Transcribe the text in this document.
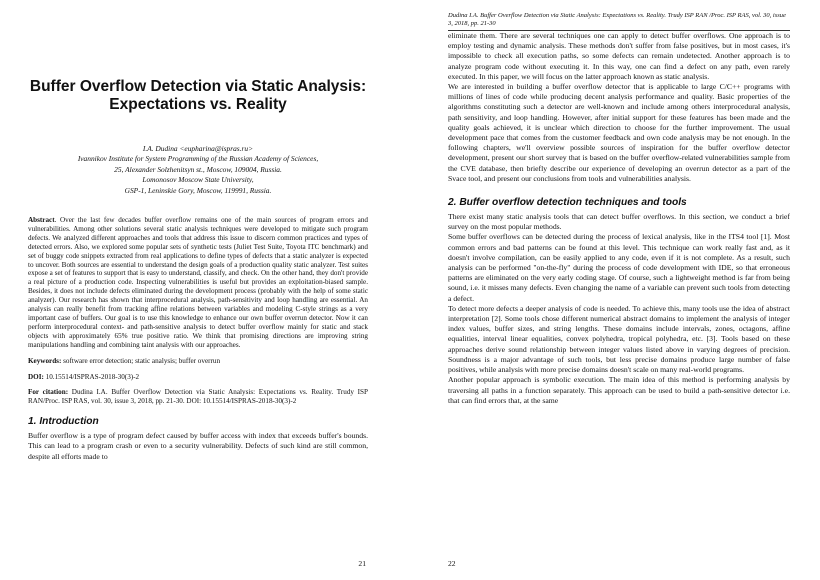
Buffer Overflow Detection via Static Analysis: Expectations vs. Reality
I.A. Dudina <eupharina@ispras.ru>
Ivannikov Institute for System Programming of the Russian Academy of Sciences,
25, Alexander Solzhenitsyn st., Moscow, 109004, Russia.
Lomonosov Moscow State University,
GSP-1, Leninskie Gory, Moscow, 119991, Russia.

Abstract. Over the last few decades buffer overflow remains one of the main sources of program errors and vulnerabilities. Among other solutions several static analysis techniques were developed to mitigate such program defects. We analyzed different approaches and tools that address this issue to discern common practices and types of detected errors. Also, we explored some popular sets of synthetic tests (Juliet Test Suite, Toyota ITC benchmark) and set of buggy code snippets extracted from real applications to define types of defects that a static analyzer is expected to uncover. Both sources are essential to understand the design goals of a production quality static analyzer. Test suites expose a set of features to support that is easy to understand, classify, and check. On the other hand, they don't provide a real picture of a production code. Inspecting vulnerabilities is useful but provides an exploitation-biased sample. Besides, it does not include defects eliminated during the development process (probably with the help of some static analyzer). Our research has shown that interprocedural analysis, path-sensitivity and loop handling are essential. An analysis can really benefit from tracking affine relations between variables and modeling C-style strings as a very important case of buffers. Our goal is to use this knowledge to enhance our own buffer overrun detector. Now it can perform interprocedural context- and path-sensitive analysis to detect buffer overflow mainly for static and stack objects with approximately 65% true positive ratio. We think that promising directions are improving string manipulations handling and combining taint analysis with our approaches.

Keywords: software error detection; static analysis; buffer overrun

DOI: 10.15514/ISPRAS-2018-30(3)-2

For citation: Dudina I.A. Buffer Overflow Detection via Static Analysis: Expectations vs. Reality. Trudy ISP RAN/Proc. ISP RAS, vol. 30, issue 3, 2018, pp. 21-30. DOI: 10.15514/ISPRAS-2018-30(3)-2

1. Introduction

Buffer overflow is a type of program defect caused by buffer access with index that exceeds buffer's bounds. This can lead to a program crash or even to a security vulnerability. Defects of such kind are still common, despite all efforts made to

21
Dudina I.A. Buffer Overflow Detection via Static Analysis: Expectations vs. Reality. Trudy ISP RAN /Proc. ISP RAS, vol. 30, issue 3, 2018, pp. 21-30

eliminate them. There are several techniques one can apply to detect buffer overflows. One approach is to employ testing and dynamic analysis. These methods don't suffer from false positives, but in most cases, it's impossible to check all execution paths, so some defects can remain undetected. Another approach is to analyze program code without executing it. In this way, one can find a defect on any path, even rarely executed. In this paper, we will focus on the latter approach known as static analysis.

We are interested in building a buffer overflow detector that is applicable to large C/C++ programs with millions of lines of code while producing decent analysis performance and quality. Basic properties of the algorithms constituting such a detector are well-known and include among others interprocedural analysis, path sensitivity, and loop handling. However, after initial support for these features has been made and the quality goals achieved, it is unclear which direction to choose for the further improvement. The usual development pace that comes from the customer feedback and own code analysis may be not enough. In the following chapters, we'll overview possible sources of inspiration for the buffer overflow detector development, present our short survey that is based on the buffer overflow-related vulnerabilities sample from the CVE database, then briefly describe our experience of developing an overrun detector as a part of the Svace tool, and present our conclusions from tools and vulnerabilities analysis.

2. Buffer overflow detection techniques and tools

There exist many static analysis tools that can detect buffer overflows. In this section, we conduct a brief survey on the most popular methods.

Some buffer overflows can be detected during the process of lexical analysis, like in the ITS4 tool [1]. Most common errors and bad patterns can be found at this level. This technique can work really fast and, as it doesn't involve compilation, can be easily applied to any code, even if it is not complete. As a result, such analysis can be performed "on-the-fly" during the process of code development with IDE, so that erroneous patterns are eliminated on the very early coding stage. Of course, such a lightweight method is far from being sound, i.e. it misses many defects. Even changing the name of a variable can prevent such tools from detecting a defect.

To detect more defects a deeper analysis of code is needed. To achieve this, many tools use the idea of abstract interpretation [2]. Some tools chose different numerical abstract domains to implement the analysis of integer index values, buffer sizes, and string lengths. These domains include intervals, zones, octagons, affine equalities, interval linear equalities, convex polyhedra, tropical polyhedra, etc. [3]. Tools based on these approaches derive sound relationship between integer values listed above in varying degrees of precision. Soundness is a major advantage of such tools, but less precise domains produce large number of false positives, while analysis with more precise domains doesn't scale on many real-world programs.

Another popular approach is symbolic execution. The main idea of this method is performing analysis by traversing all paths in a function separately. This approach can be used to build a path-sensitive detector i.e. that can find errors that, at the same

22
